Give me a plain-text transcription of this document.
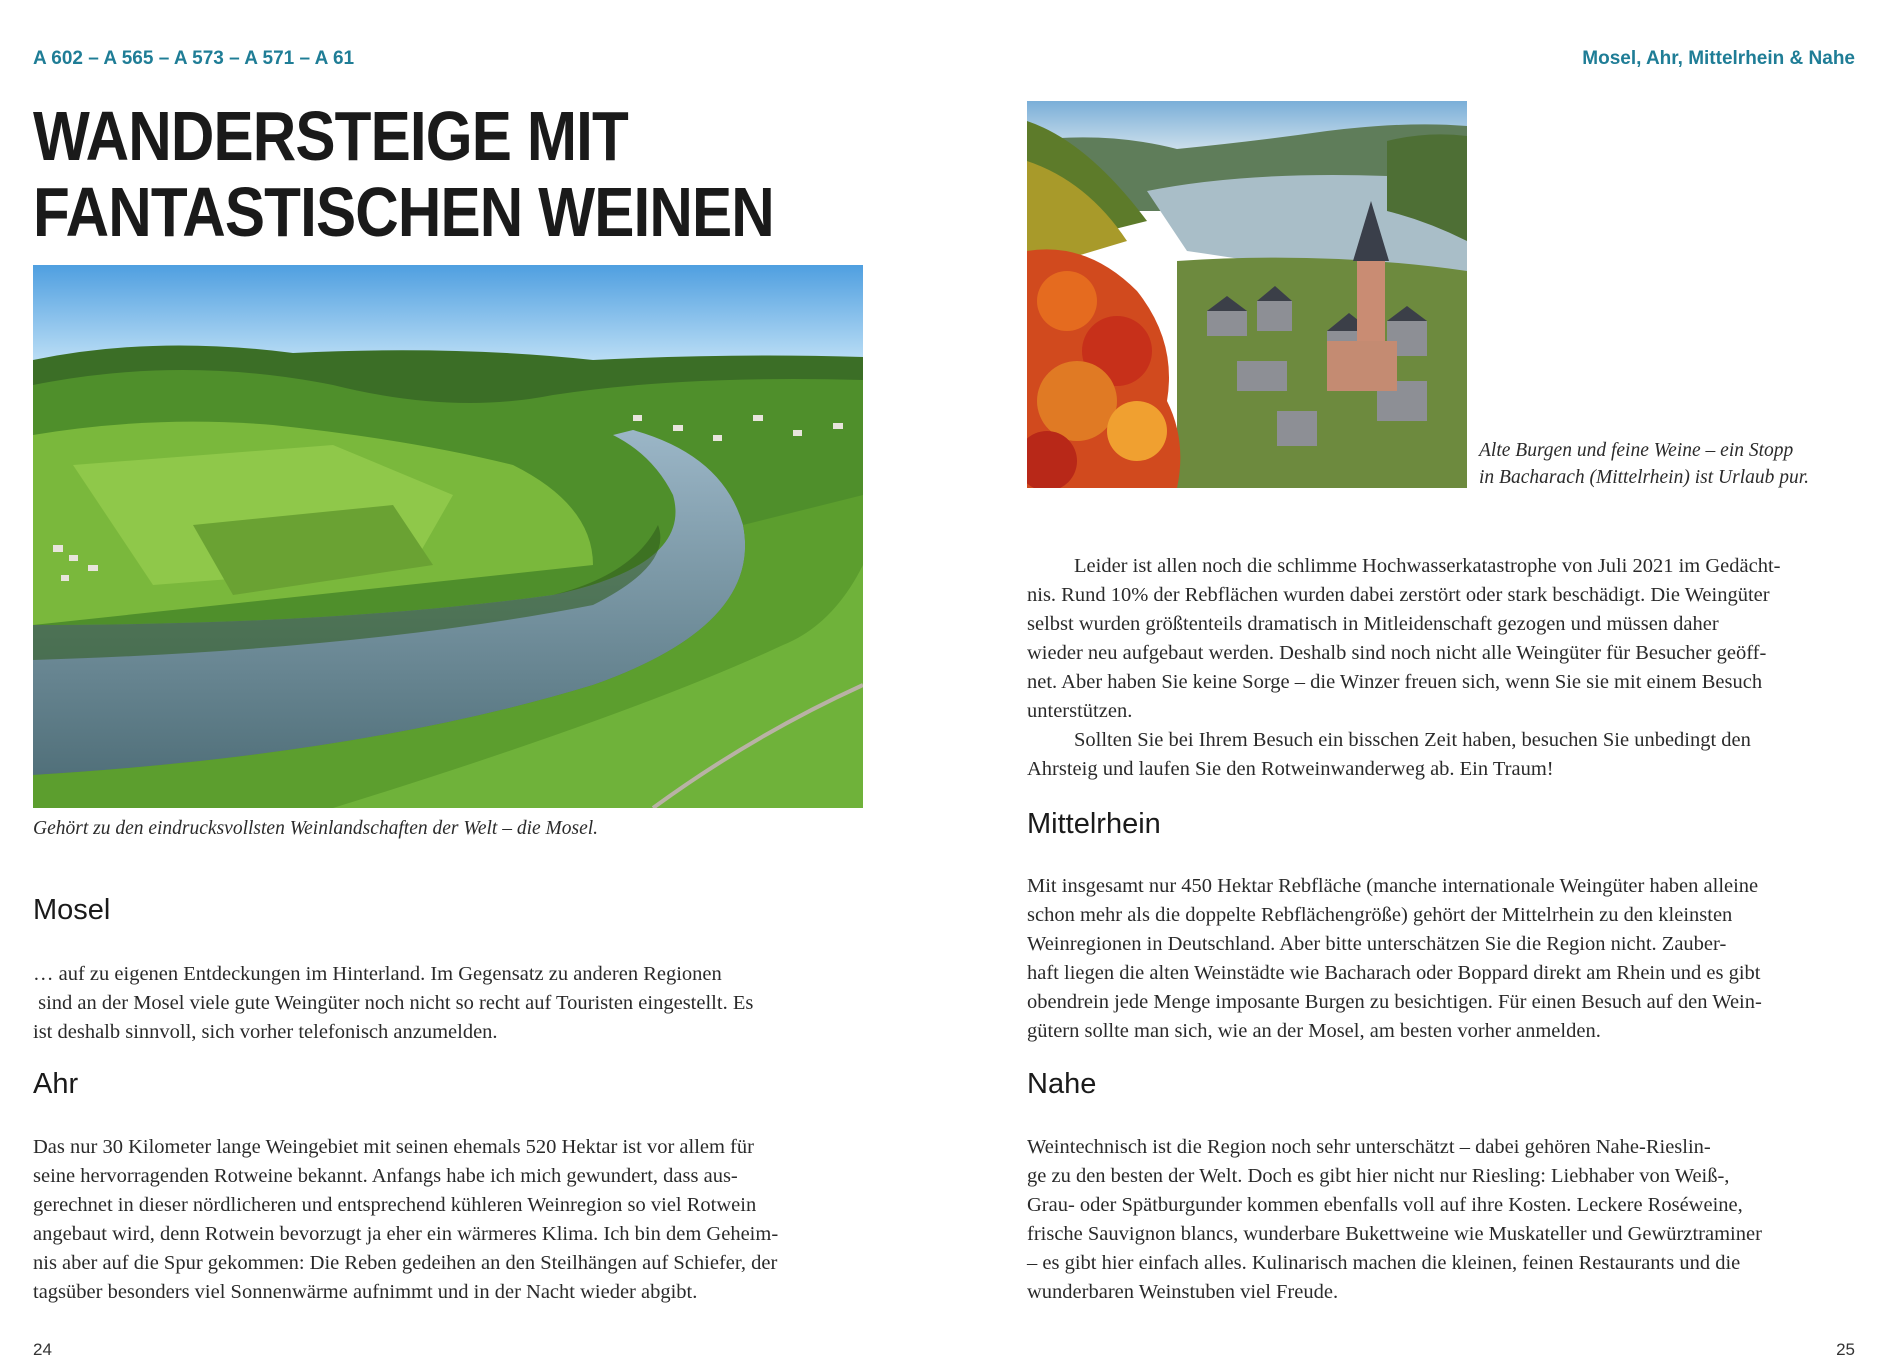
A 602 – A 565 – A 573 – A 571 – A 61	Mosel, Ahr, Mittelrhein & Nahe
WANDERSTEIGE MIT
FANTASTISCHEN WEINEN
Gehört zu den eindrucksvollsten Weinlandschaften der Welt – die Mosel.
Mosel
… auf zu eigenen Entdeckungen im Hinterland. Im Gegensatz zu anderen Regionen
sind an der Mosel viele gute Weingüter noch nicht so recht auf Touristen eingestellt. Es
ist deshalb sinnvoll, sich vorher telefonisch anzumelden.
Ahr
Das nur 30 Kilometer lange Weingebiet mit seinen ehemals 520 Hektar ist vor allem für
seine hervorragenden Rotweine bekannt. Anfangs habe ich mich gewundert, dass aus-
gerechnet in dieser nördlicheren und entsprechend kühleren Weinregion so viel Rotwein
angebaut wird, denn Rotwein bevorzugt ja eher ein wärmeres Klima. Ich bin dem Geheim-
nis aber auf die Spur gekommen: Die Reben gedeihen an den Steilhängen auf Schiefer, der
tagsüber besonders viel Sonnenwärme aufnimmt und in der Nacht wieder abgibt.
Alte Burgen und feine Weine – ein Stopp
in Bacharach (Mittelrhein) ist Urlaub pur.
Leider ist allen noch die schlimme Hochwasserkatastrophe von Juli 2021 im Gedächt-
nis. Rund 10% der Rebflächen wurden dabei zerstört oder stark beschädigt. Die Weingüter
selbst wurden größtenteils dramatisch in Mitleidenschaft gezogen und müssen daher
wieder neu aufgebaut werden. Deshalb sind noch nicht alle Weingüter für Besucher geöff-
net. Aber haben Sie keine Sorge – die Winzer freuen sich, wenn Sie sie mit einem Besuch
unterstützen.
Sollten Sie bei Ihrem Besuch ein bisschen Zeit haben, besuchen Sie unbedingt den
Ahrsteig und laufen Sie den Rotweinwanderweg ab. Ein Traum!
Mittelrhein
Mit insgesamt nur 450 Hektar Rebfläche (manche internationale Weingüter haben alleine
schon mehr als die doppelte Rebflächengröße) gehört der Mittelrhein zu den kleinsten
Weinregionen in Deutschland. Aber bitte unterschätzen Sie die Region nicht. Zauber-
haft liegen die alten Weinstädte wie Bacharach oder Boppard direkt am Rhein und es gibt
obendrein jede Menge imposante Burgen zu besichtigen. Für einen Besuch auf den Wein-
gütern sollte man sich, wie an der Mosel, am besten vorher anmelden.
Nahe
Weintechnisch ist die Region noch sehr unterschätzt – dabei gehören Nahe-Rieslin-
ge zu den besten der Welt. Doch es gibt hier nicht nur Riesling: Liebhaber von Weiß-,
Grau- oder Spätburgunder kommen ebenfalls voll auf ihre Kosten. Leckere Roséweine,
frische Sauvignon blancs, wunderbare Bukettweine wie Muskateller und Gewürztraminer
– es gibt hier einfach alles. Kulinarisch machen die kleinen, feinen Restaurants und die
wunderbaren Weinstuben viel Freude.
24	25
